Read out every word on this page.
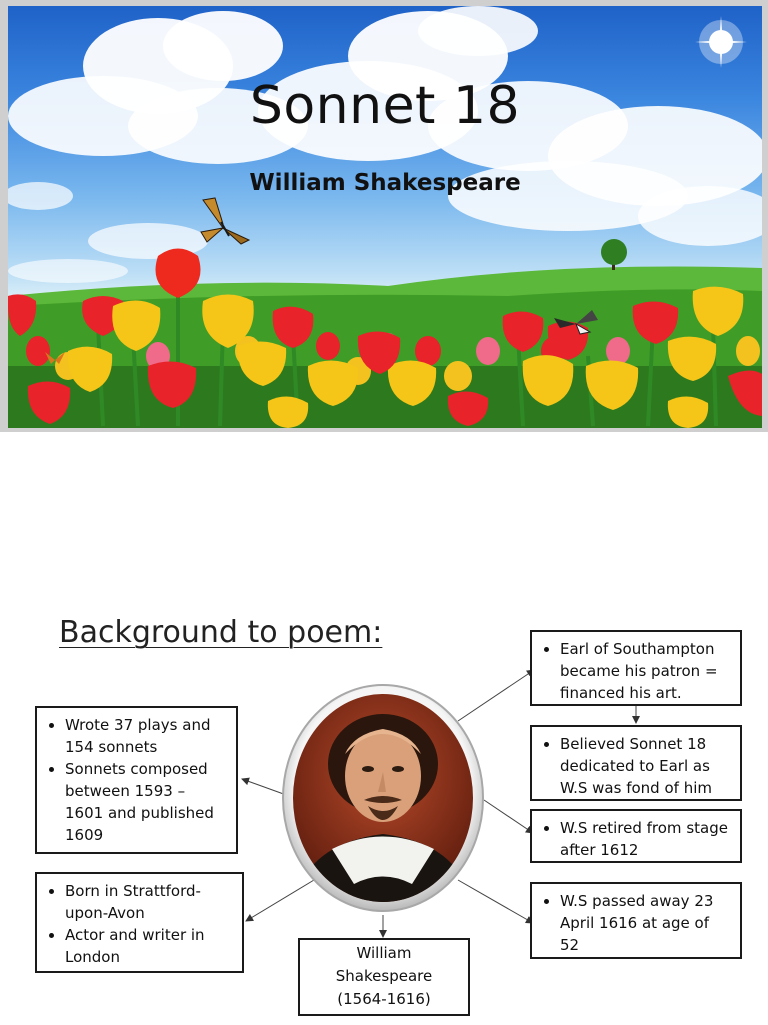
Sonnet 18
William Shakespeare
Background to poem:
•	Earl of Southampton became his patron = financed his art.
• Wrote 37 plays and 154 sonnets
• Sonnets composed between 1593 – 1601 and published 1609
• Believed Sonnet 18 dedicated to Earl as W.S was fond of him
• W.S retired from stage after 1612
• Born in Strattford-upon-Avon
• Actor and writer in London
• W.S passed away 23 April 1616 at age of 52
William
Shakespeare
(1564-1616)
